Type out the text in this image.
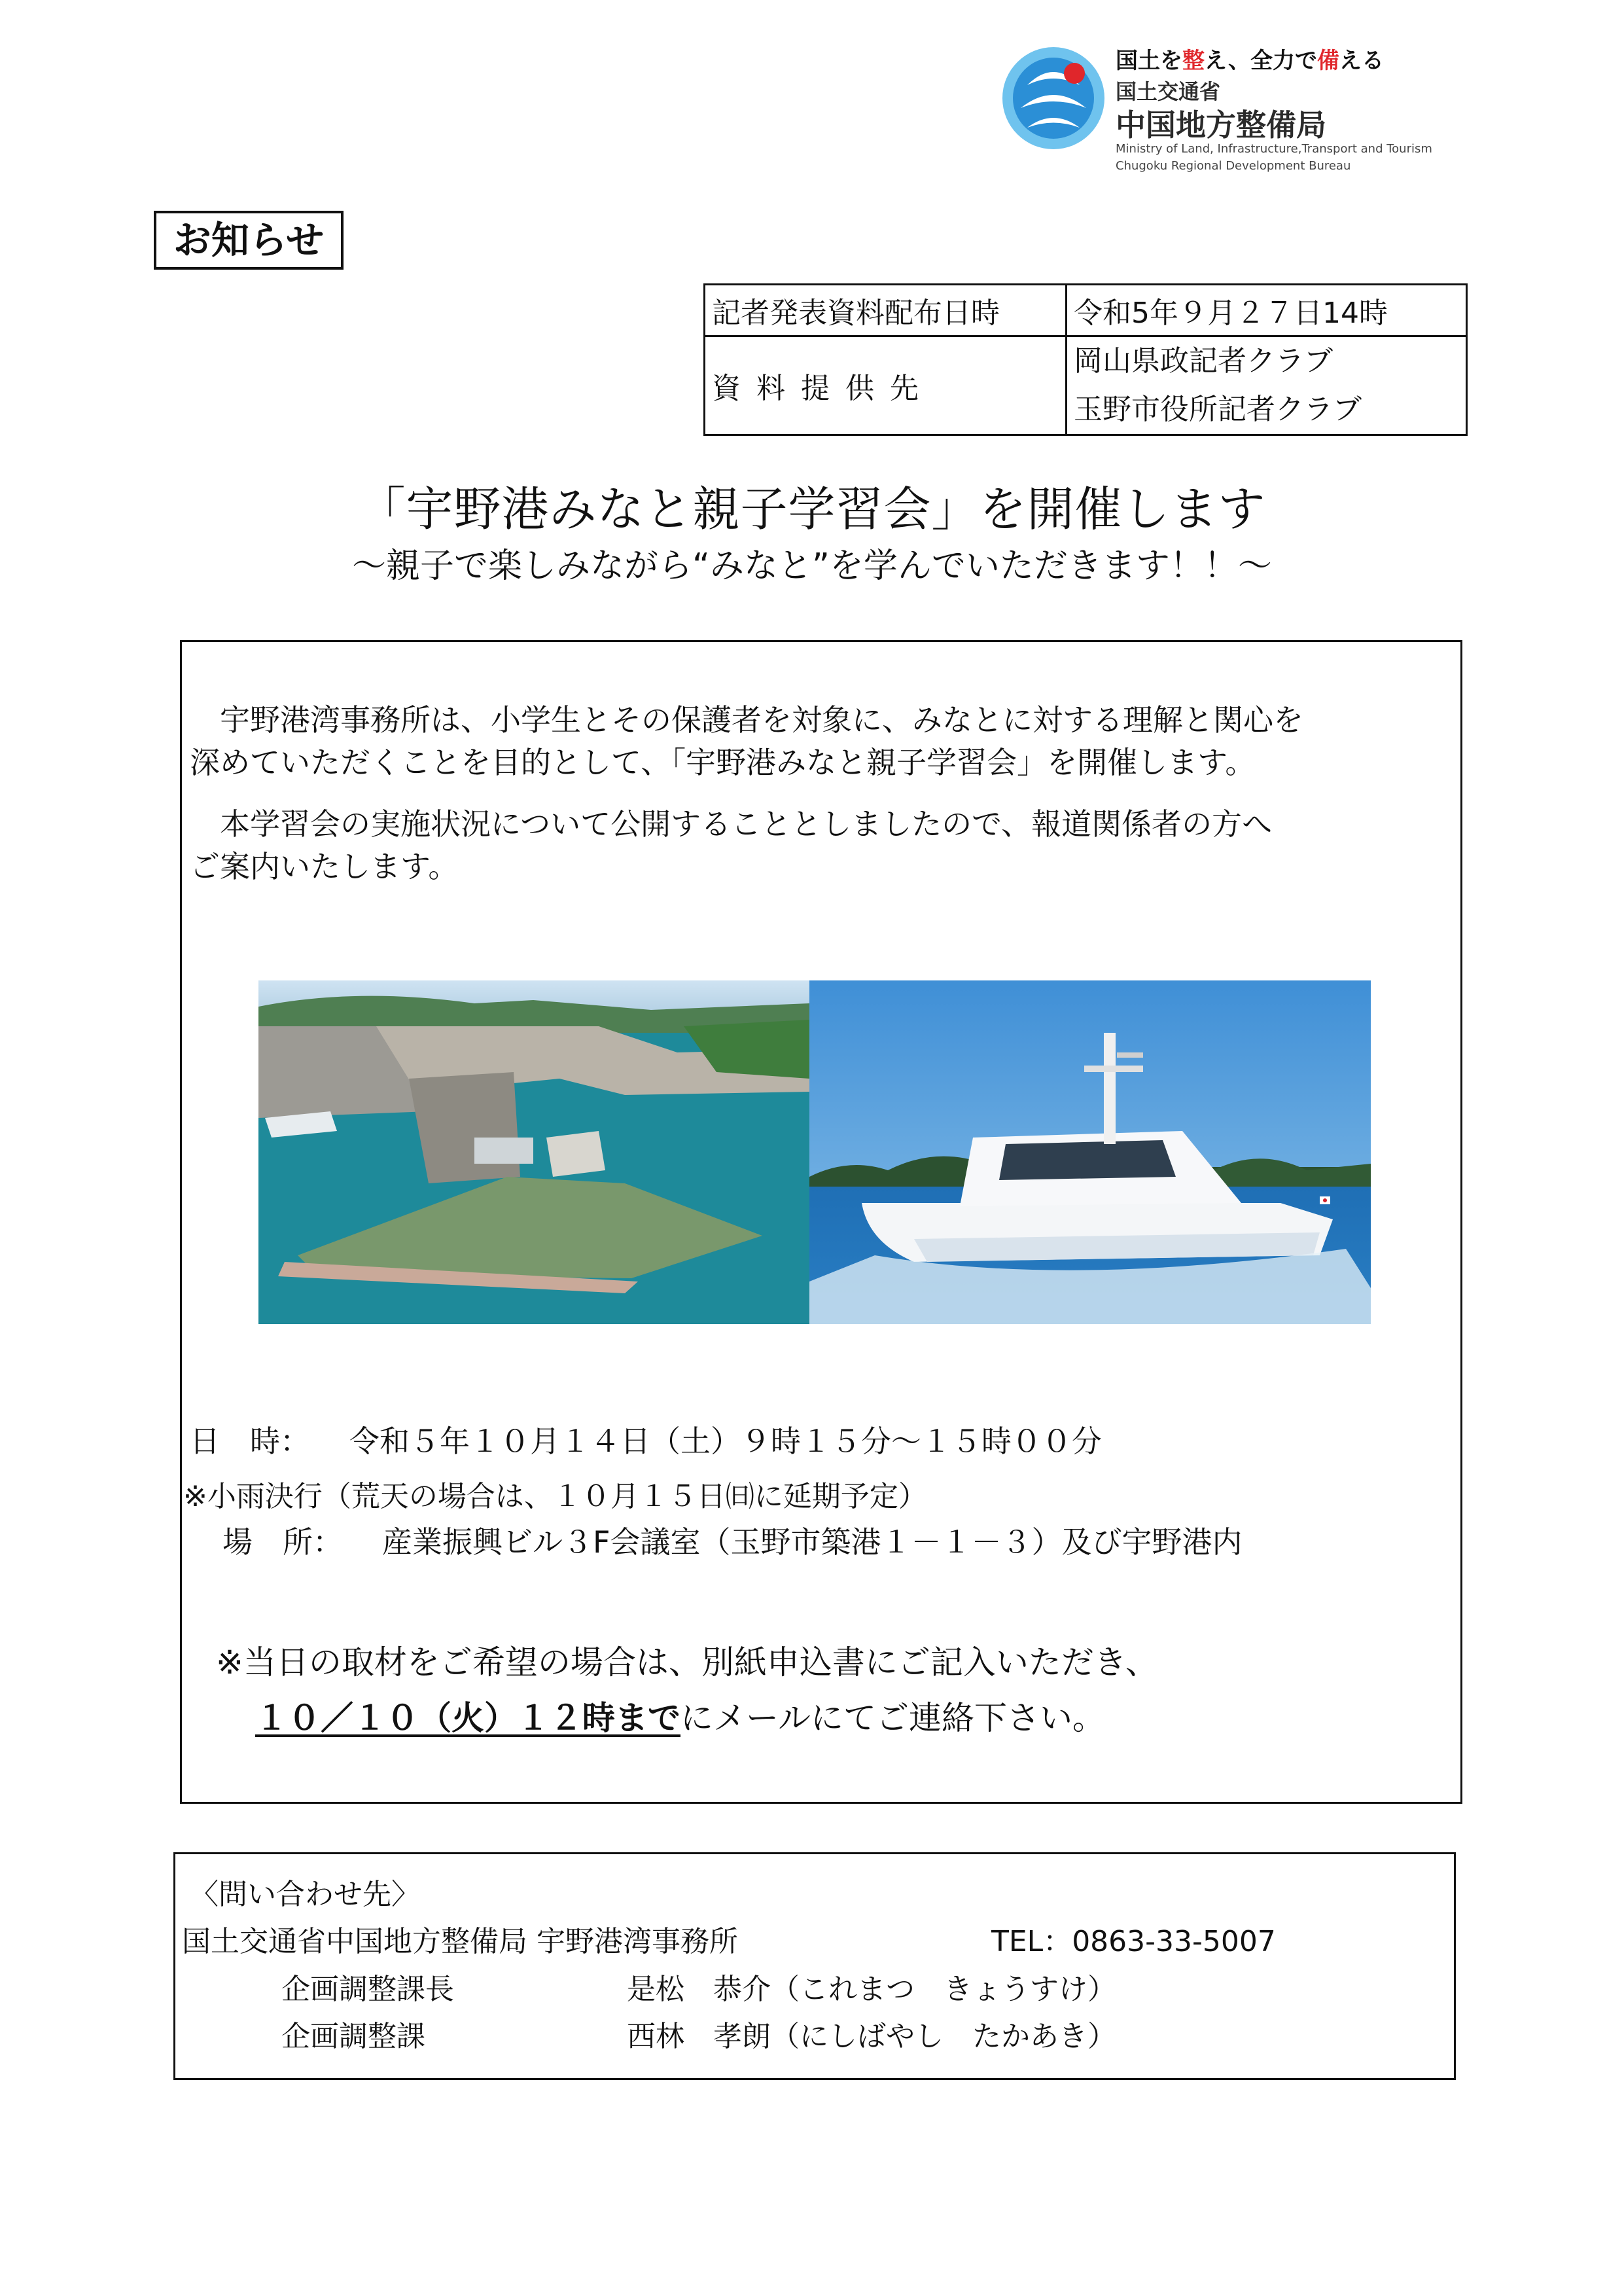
国土を整え、全力で備える
国土交通省
中国地方整備局
Ministry of Land, Infrastructure,Transport and Tourism
Chugoku Regional Development Bureau
お知らせ
記者発表資料配布日時	令和5年９月２７日14時
資料提供先	岡山県政記者クラブ
玉野市役所記者クラブ
「宇野港みなと親子学習会」を開催します
～親子で楽しみながら“みなと”を学んでいただきます！！～
　宇野港湾事務所は、小学生とその保護者を対象に、みなとに対する理解と関心を
深めていただくことを目的として、「宇野港みなと親子学習会」を開催します。
　本学習会の実施状況について公開することとしましたので、報道関係者の方へ
ご案内いたします。
日　時： 令和５年１０月１４日（土）９時１５分～１５時００分
※小雨決行（荒天の場合は、１０月１５日㈰に延期予定）
場　所： 産業振興ビル３F会議室（玉野市築港１－１－３）及び宇野港内
※当日の取材をご希望の場合は、別紙申込書にご記入いただき、
１０／１０（火）１２時までにメールにてご連絡下さい。
〈問い合わせ先〉
国土交通省中国地方整備局 宇野港湾事務所	TEL：0863-33-5007
企画調整課長	是松　恭介（これまつ　きょうすけ）
企画調整課	西林　孝朗（にしばやし　たかあき）
